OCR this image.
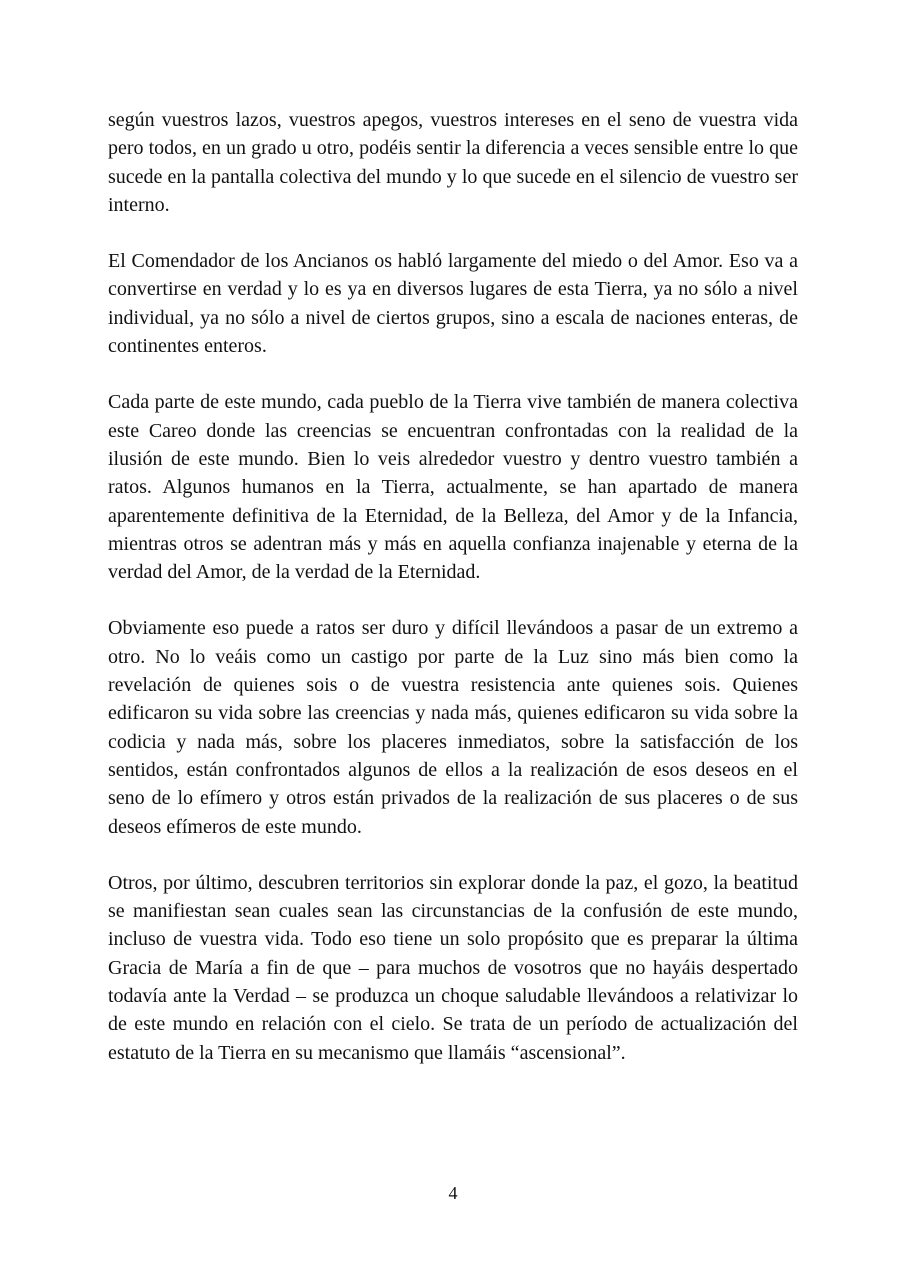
según vuestros lazos, vuestros apegos, vuestros intereses en el seno de vuestra vida pero todos, en un grado u otro, podéis sentir la diferencia a veces sensible entre lo que sucede en la pantalla colectiva del mundo y lo que sucede en el silencio de vuestro ser interno.

El Comendador de los Ancianos os habló largamente del miedo o del Amor. Eso va a convertirse en verdad y lo es ya en diversos lugares de esta Tierra, ya no sólo a nivel individual, ya no sólo a nivel de ciertos grupos, sino a escala de naciones enteras, de continentes enteros.

Cada parte de este mundo, cada pueblo de la Tierra vive también de manera colectiva este Careo donde las creencias se encuentran confrontadas con la realidad de la ilusión de este mundo. Bien lo veis alrededor vuestro y dentro vuestro también a ratos. Algunos humanos en la Tierra, actualmente, se han apartado de manera aparentemente definitiva de la Eternidad, de la Belleza, del Amor y de la Infancia, mientras otros se adentran más y más en aquella confianza inajenable y eterna de la verdad del Amor, de la verdad de la Eternidad.

Obviamente eso puede a ratos ser duro y difícil llevándoos a pasar de un extremo a otro. No lo veáis como un castigo por parte de la Luz sino más bien como la revelación de quienes sois o de vuestra resistencia ante quienes sois. Quienes edificaron su vida sobre las creencias y nada más, quienes edificaron su vida sobre la codicia y nada más, sobre los placeres inmediatos, sobre la satisfacción de los sentidos, están confrontados algunos de ellos a la realización de esos deseos en el seno de lo efímero y otros están privados de la realización de sus placeres o de sus deseos efímeros de este mundo.

Otros, por último, descubren territorios sin explorar donde la paz, el gozo, la beatitud se manifiestan sean cuales sean las circunstancias de la confusión de este mundo, incluso de vuestra vida. Todo eso tiene un solo propósito que es preparar la última Gracia de María a fin de que – para muchos de vosotros que no hayáis despertado todavía ante la Verdad – se produzca un choque saludable llevándoos a relativizar lo de este mundo en relación con el cielo. Se trata de un período de actualización del estatuto de la Tierra en su mecanismo que llamáis “ascensional”.

4
